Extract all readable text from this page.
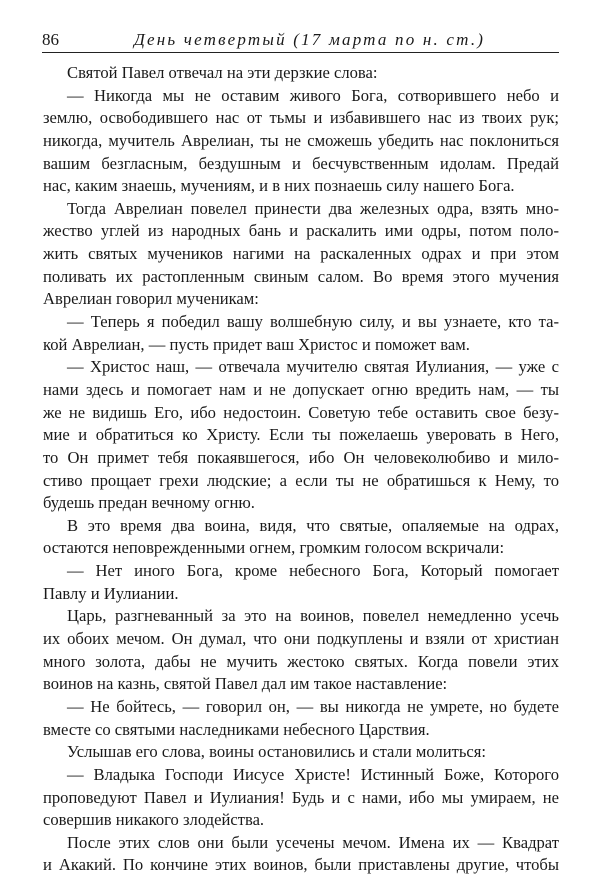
86	День четвертый (17 марта по н. ст.)
Святой Павел отвечал на эти дерзкие слова:
— Никогда мы не оставим живого Бога, сотворившего небо и
землю, освободившего нас от тьмы и избавившего нас из твоих рук;
никогда, мучитель Аврелиан, ты не сможешь убедить нас поклониться
вашим безгласным, бездушным и бесчувственным идолам. Предай
нас, каким знаешь, мучениям, и в них познаешь силу нашего Бога.
Тогда Аврелиан повелел принести два железных одра, взять мно-
жество углей из народных бань и раскалить ими одры, потом поло-
жить святых мучеников нагими на раскаленных одрах и при этом
поливать их растопленным свиным салом. Во время этого мучения
Аврелиан говорил мученикам:
— Теперь я победил вашу волшебную силу, и вы узнаете, кто та-
кой Аврелиан, — пусть придет ваш Христос и поможет вам.
— Христос наш, — отвечала мучителю святая Иулиания, — уже с
нами здесь и помогает нам и не допускает огню вредить нам, — ты
же не видишь Его, ибо недостоин. Советую тебе оставить свое безу-
мие и обратиться ко Христу. Если ты пожелаешь уверовать в Него,
то Он примет тебя покаявшегося, ибо Он человеколюбиво и мило-
стиво прощает грехи людские; а если ты не обратишься к Нему, то
будешь предан вечному огню.
В это время два воина, видя, что святые, опаляемые на одрах,
остаются неповрежденными огнем, громким голосом вскричали:
— Нет иного Бога, кроме небесного Бога, Который помогает
Павлу и Иулиании.
Царь, разгневанный за это на воинов, повелел немедленно усечь
их обоих мечом. Он думал, что они подкуплены и взяли от христиан
много золота, дабы не мучить жестоко святых. Когда повели этих
воинов на казнь, святой Павел дал им такое наставление:
— Не бойтесь, — говорил он, — вы никогда не умрете, но будете
вместе со святыми наследниками небесного Царствия.
Услышав его слова, воины остановились и стали молиться:
— Владыка Господи Иисусе Христе! Истинный Боже, Которого
проповедуют Павел и Иулиания! Будь и с нами, ибо мы умираем, не
совершив никакого злодейства.
После этих слов они были усечены мечом. Имена их — Квадрат
и Акакий. По кончине этих воинов, были приставлены другие, чтобы
